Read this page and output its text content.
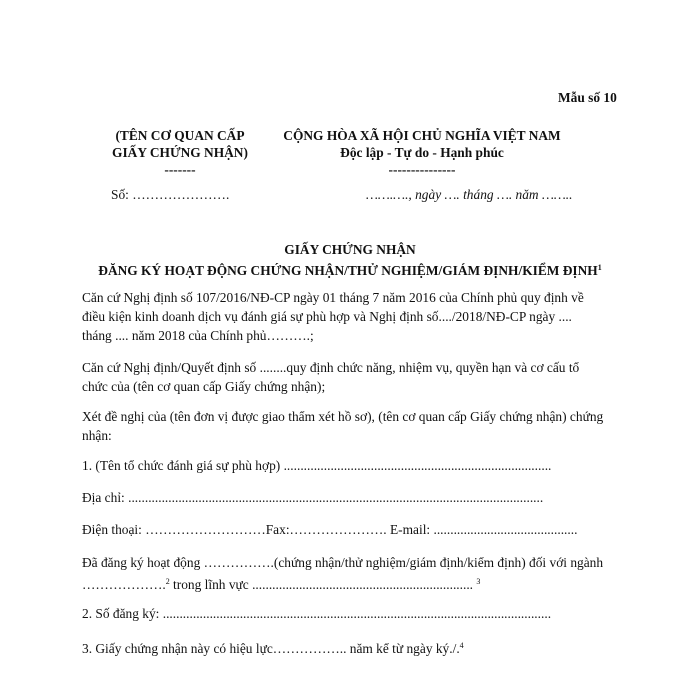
Mẫu số 10
(TÊN CƠ QUAN CẤP
GIẤY CHỨNG NHẬN)
-------
Số: ………………….
CỘNG HÒA XÃ HỘI CHỦ NGHĨA VIỆT NAM
Độc lập - Tự do - Hạnh phúc
---------------
…….…., ngày …. tháng …. năm ……..
GIẤY CHỨNG NHẬN
ĐĂNG KÝ HOẠT ĐỘNG CHỨNG NHẬN/THỬ NGHIỆM/GIÁM ĐỊNH/KIỂM ĐỊNH$^1$
Căn cứ Nghị định số 107/2016/NĐ-CP ngày 01 tháng 7 năm 2016 của Chính phủ quy định về
điều kiện kinh doanh dịch vụ đánh giá sự phù hợp và Nghị định số..../2018/NĐ-CP ngày ....
tháng .... năm 2018 của Chính phủ……….;
Căn cứ Nghị định/Quyết định số ........quy định chức năng, nhiệm vụ, quyền hạn và cơ cấu tổ
chức của (tên cơ quan cấp Giấy chứng nhận);
Xét đề nghị của (tên đơn vị được giao thẩm xét hồ sơ), (tên cơ quan cấp Giấy chứng nhận) chứng
nhận:
1. (Tên tổ chức đánh giá sự phù hợp) ................................................................................
Địa chỉ: ............................................................................................................................
Điện thoại: ………………………Fax:…………………. E-mail: ...........................................
Đã đăng ký hoạt động …………….(chứng nhận/thử nghiệm/giám định/kiểm định) đối với ngành
……………….$^2$ trong lĩnh vực .................................................................. $^3$
2. Số đăng ký: ....................................................................................................................
3. Giấy chứng nhận này có hiệu lực…………….. năm kể từ ngày ký./.$^4$
